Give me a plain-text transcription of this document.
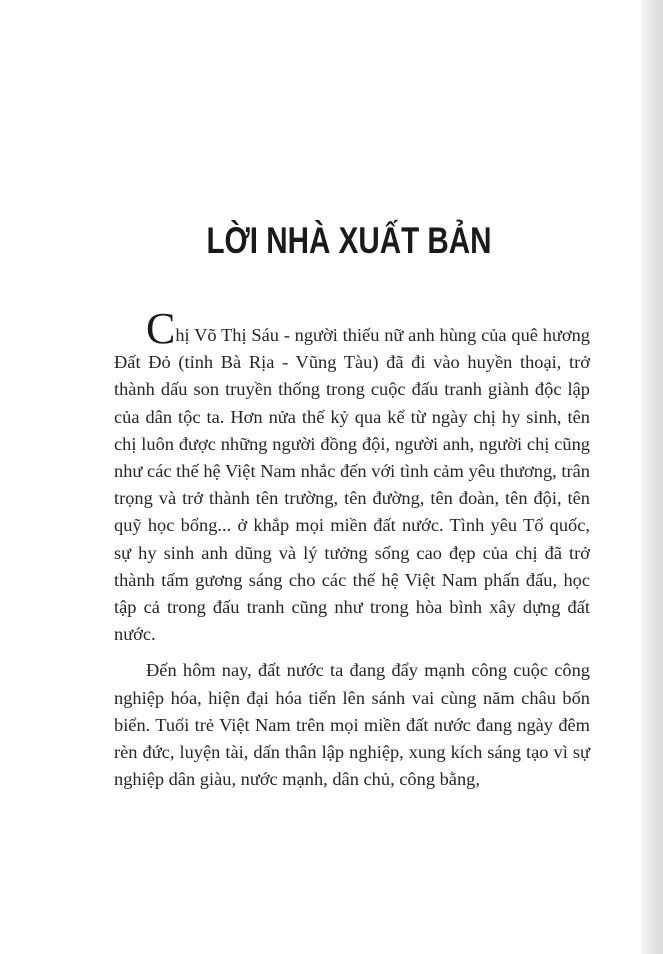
LỜI NHÀ XUẤT BẢN

Chị Võ Thị Sáu - người thiếu nữ anh hùng của quê hương Đất Đỏ (tỉnh Bà Rịa - Vũng Tàu) đã đi vào huyền thoại, trở thành dấu son truyền thống trong cuộc đấu tranh giành độc lập của dân tộc ta. Hơn nửa thế kỷ qua kể từ ngày chị hy sinh, tên chị luôn được những người đồng đội, người anh, người chị cũng như các thế hệ Việt Nam nhắc đến với tình cảm yêu thương, trân trọng và trở thành tên trường, tên đường, tên đoàn, tên đội, tên quỹ học bổng... ở khắp mọi miền đất nước. Tình yêu Tổ quốc, sự hy sinh anh dũng và lý tưởng sống cao đẹp của chị đã trở thành tấm gương sáng cho các thế hệ Việt Nam phấn đấu, học tập cả trong đấu tranh cũng như trong hòa bình xây dựng đất nước.

Đến hôm nay, đất nước ta đang đẩy mạnh công cuộc công nghiệp hóa, hiện đại hóa tiến lên sánh vai cùng năm châu bốn biển. Tuổi trẻ Việt Nam trên mọi miền đất nước đang ngày đêm rèn đức, luyện tài, dấn thân lập nghiệp, xung kích sáng tạo vì sự nghiệp dân giàu, nước mạnh, dân chủ, công bằng,
